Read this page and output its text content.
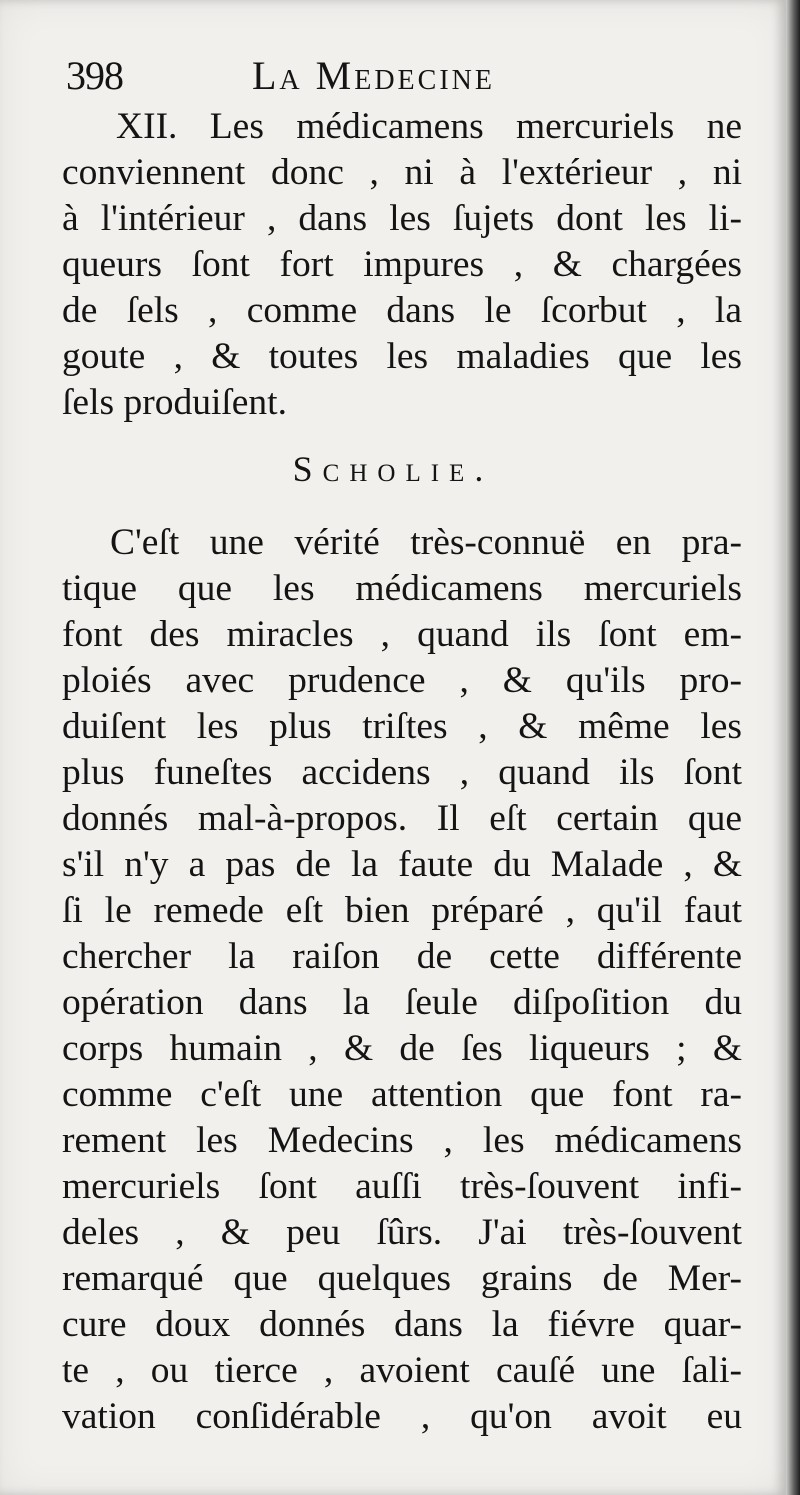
398	La Medecine
XII. Les médicamens mercuriels ne
conviennent donc , ni à l'extérieur , ni
à l'intérieur , dans les ſujets dont les li-
queurs ſont fort impures , & chargées
de ſels , comme dans le ſcorbut , la
goute , & toutes les maladies que les
ſels produiſent.
Scholie.
C'eſt une vérité très-connuë en pra-
tique que les médicamens mercuriels
font des miracles , quand ils ſont em-
ploiés avec prudence , & qu'ils pro-
duiſent les plus triſtes , & même les
plus funeſtes accidens , quand ils ſont
donnés mal-à-propos. Il eſt certain que
s'il n'y a pas de la faute du Malade , &
ſi le remede eſt bien préparé , qu'il faut
chercher la raiſon de cette différente
opération dans la ſeule diſpoſition du
corps humain , & de ſes liqueurs ; &
comme c'eſt une attention que font ra-
rement les Medecins , les médicamens
mercuriels ſont auſſi très-ſouvent infi-
deles , & peu ſûrs. J'ai très-ſouvent
remarqué que quelques grains de Mer-
cure doux donnés dans la fiévre quar-
te , ou tierce , avoient cauſé une ſali-
vation conſidérable , qu'on avoit eu
